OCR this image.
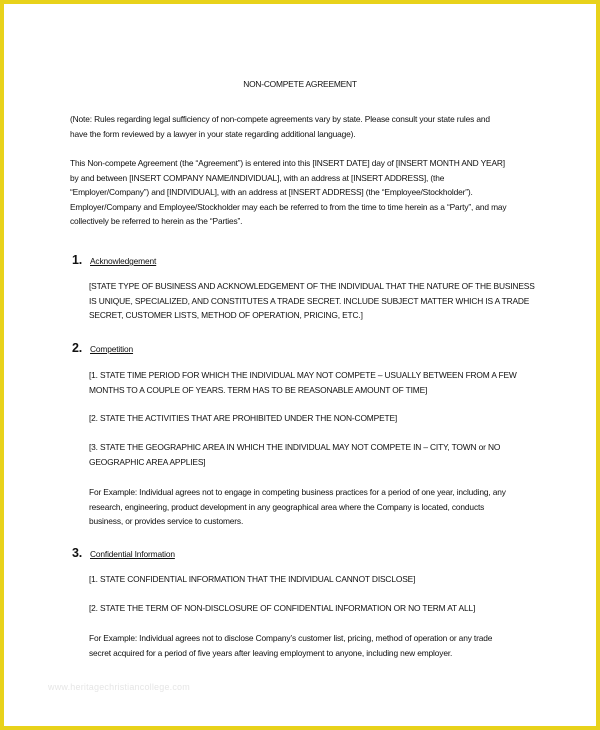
NON-COMPETE AGREEMENT

(Note: Rules regarding legal sufficiency of non-compete agreements vary by state. Please consult your state rules and
have the form reviewed by a lawyer in your state regarding additional language).

This Non-compete Agreement (the “Agreement”) is entered into this [INSERT DATE] day of [INSERT MONTH AND YEAR]
by and between [INSERT COMPANY NAME/INDIVIDUAL], with an address at [INSERT ADDRESS], (the
“Employer/Company”) and [INDIVIDUAL], with an address at [INSERT ADDRESS] (the “Employee/Stockholder”).
Employer/Company and Employee/Stockholder may each be referred to from the time to time herein as a “Party”, and may
collectively be referred to herein as the “Parties”.

1. Acknowledgement

[STATE TYPE OF BUSINESS AND ACKNOWLEDGEMENT OF THE INDIVIDUAL THAT THE NATURE OF THE BUSINESS
IS UNIQUE, SPECIALIZED, AND CONSTITUTES A TRADE SECRET. INCLUDE SUBJECT MATTER WHICH IS A TRADE
SECRET, CUSTOMER LISTS, METHOD OF OPERATION, PRICING, ETC.]

2. Competition

[1. STATE TIME PERIOD FOR WHICH THE INDIVIDUAL MAY NOT COMPETE – USUALLY BETWEEN FROM A FEW
MONTHS TO A COUPLE OF YEARS. TERM HAS TO BE REASONABLE AMOUNT OF TIME]

[2. STATE THE ACTIVITIES THAT ARE PROHIBITED UNDER THE NON-COMPETE]

[3. STATE THE GEOGRAPHIC AREA IN WHICH THE INDIVIDUAL MAY NOT COMPETE IN – CITY, TOWN or NO
GEOGRAPHIC AREA APPLIES]

For Example: Individual agrees not to engage in competing business practices for a period of one year, including, any
research, engineering, product development in any geographical area where the Company is located, conducts
business, or provides service to customers.

3. Confidential Information

[1. STATE CONFIDENTIAL INFORMATION THAT THE INDIVIDUAL CANNOT DISCLOSE]

[2. STATE THE TERM OF NON-DISCLOSURE OF CONFIDENTIAL INFORMATION OR NO TERM AT ALL]

For Example: Individual agrees not to disclose Company’s customer list, pricing, method of operation or any trade
secret acquired for a period of five years after leaving employment to anyone, including new employer.

www.heritagechristiancollege.com
